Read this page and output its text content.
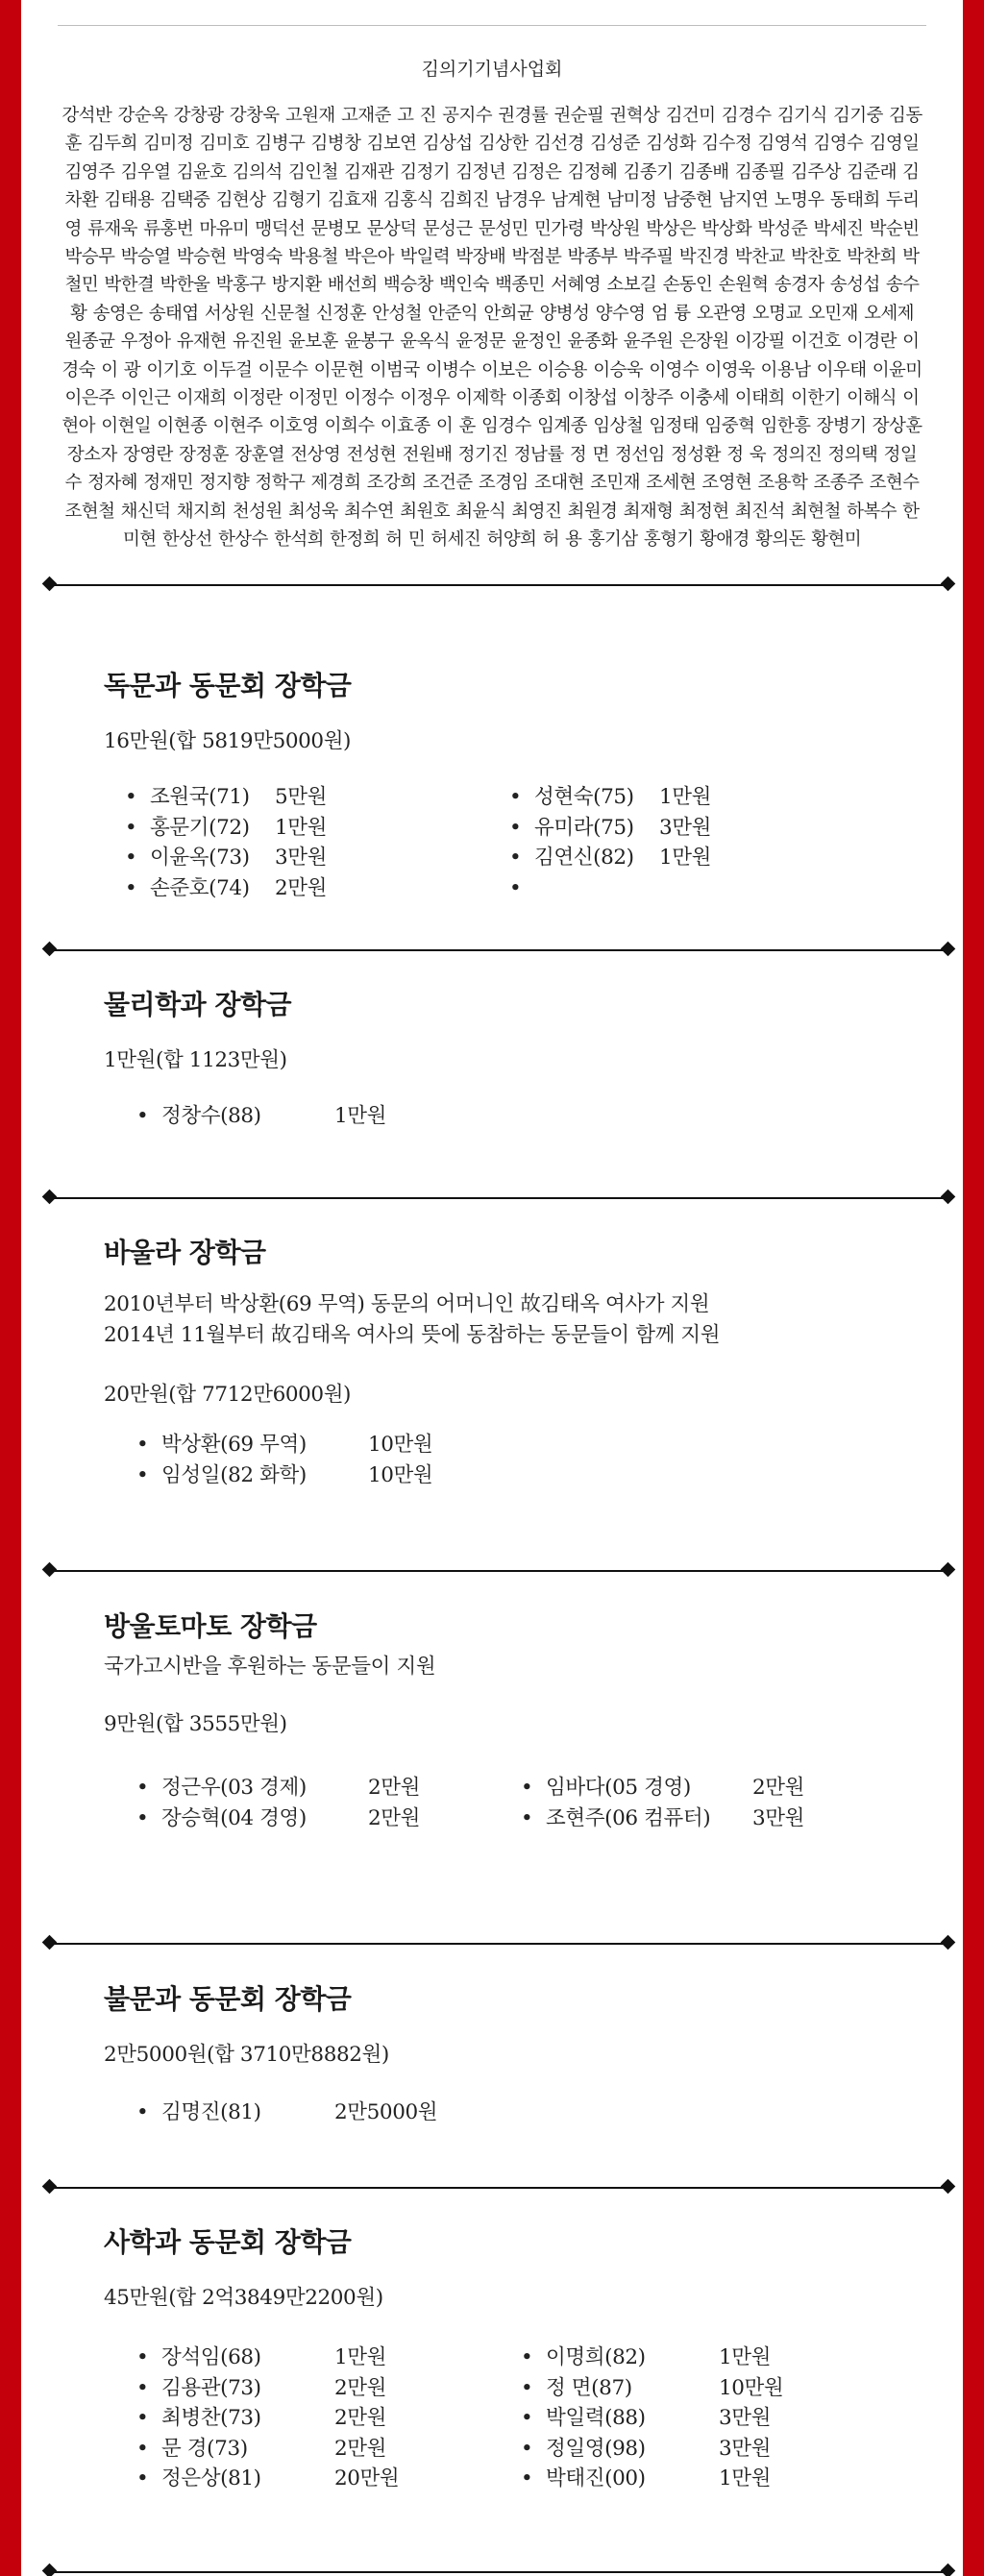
김의기기념사업회
강석반 강순옥 강창광 강창욱 고원재 고재준 고 진 공지수 권경률 권순필 권혁상 김건미 김경수 김기식 김기중 김동훈 김두희 김미정 김미호 김병구 김병창 김보연 김상섭 김상한 김선경 김성준 김성화 김수정 김영석 김영수 김영일 김영주 김우열 김윤호 김의석 김인철 김재관 김정기 김정년 김정은 김정혜 김종기 김종배 김종필 김주상 김준래 김차환 김태용 김택중 김현상 김형기 김효재 김홍식 김희진 남경우 남계현 남미정 남중현 남지연 노명우 동태희 두리영 류재욱 류홍번 마유미 맹덕선 문병모 문상덕 문성근 문성민 민가령 박상원 박상은 박상화 박성준 박세진 박순빈 박승무 박승열 박승현 박영숙 박용철 박은아 박일력 박장배 박점분 박종부 박주필 박진경 박찬교 박찬호 박찬희 박철민 박한결 박한울 박홍구 방지환 배선희 백승창 백인숙 백종민 서혜영 소보길 손동인 손원혁 송경자 송성섭 송수황 송영은 송태엽 서상원 신문철 신정훈 안성철 안준익 안희균 양병성 양수영 엄 륭 오관영 오명교 오민재 오세제 원종균 우정아 유재현 유진원 윤보훈 윤봉구 윤옥식 윤정문 윤정인 윤종화 윤주원 은장원 이강필 이건호 이경란 이경숙 이 광 이기호 이두걸 이문수 이문현 이범국 이병수 이보은 이승용 이승욱 이영수 이영욱 이용남 이우태 이윤미 이은주 이인근 이재희 이정란 이정민 이정수 이정우 이제학 이종회 이창섭 이창주 이충세 이태희 이한기 이해식 이현아 이현일 이현종 이현주 이호영 이희수 이효종 이 훈 임경수 임계종 임상철 임정태 임중혁 임한흥 장병기 장상훈 장소자 장영란 장정훈 장훈열 전상영 전성현 전원배 정기진 정남률 정 면 정선임 정성환 정 욱 정의진 정의택 정일수 정자혜 정재민 정지향 정학구 제경희 조강희 조건준 조경임 조대현 조민재 조세현 조영현 조용학 조종주 조현수 조현철 채신덕 채지희 천성원 최성욱 최수연 최원호 최윤식 최영진 최원경 최재형 최정현 최진석 최현철 하복수 한미현 한상선 한상수 한석희 한정희 허 민 허세진 허양희 허 용 홍기삼 홍형기 황애경 황의돈 황현미
독문과 동문회 장학금
16만원(합 5819만5000원)
• 조원국(71)	5만원	• 성현숙(75)	1만원
• 홍문기(72)	1만원	• 유미라(75)	3만원
• 이윤옥(73)	3만원	• 김연신(82)	1만원
• 손준호(74)	2만원	•
물리학과 장학금
1만원(합 1123만원)
• 정창수(88)	1만원
바울라 장학금
2010년부터 박상환(69 무역) 동문의 어머니인 故김태옥 여사가 지원
2014년 11월부터 故김태옥 여사의 뜻에 동참하는 동문들이 함께 지원
20만원(합 7712만6000원)
• 박상환(69 무역)	10만원
• 임성일(82 화학)	10만원
방울토마토 장학금
국가고시반을 후원하는 동문들이 지원
9만원(합 3555만원)
• 정근우(03 경제)	2만원	• 임바다(05 경영)	2만원
• 장승혁(04 경영)	2만원	• 조현주(06 컴퓨터)	3만원
불문과 동문회 장학금
2만5000원(합 3710만8882원)
• 김명진(81)	2만5000원
사학과 동문회 장학금
45만원(합 2억3849만2200원)
• 장석임(68)	1만원	• 이명희(82)	1만원
• 김용관(73)	2만원	• 정 면(87)	10만원
• 최병찬(73)	2만원	• 박일력(88)	3만원
• 문 경(73)	2만원	• 정일영(98)	3만원
• 정은상(81)	20만원	• 박태진(00)	1만원
